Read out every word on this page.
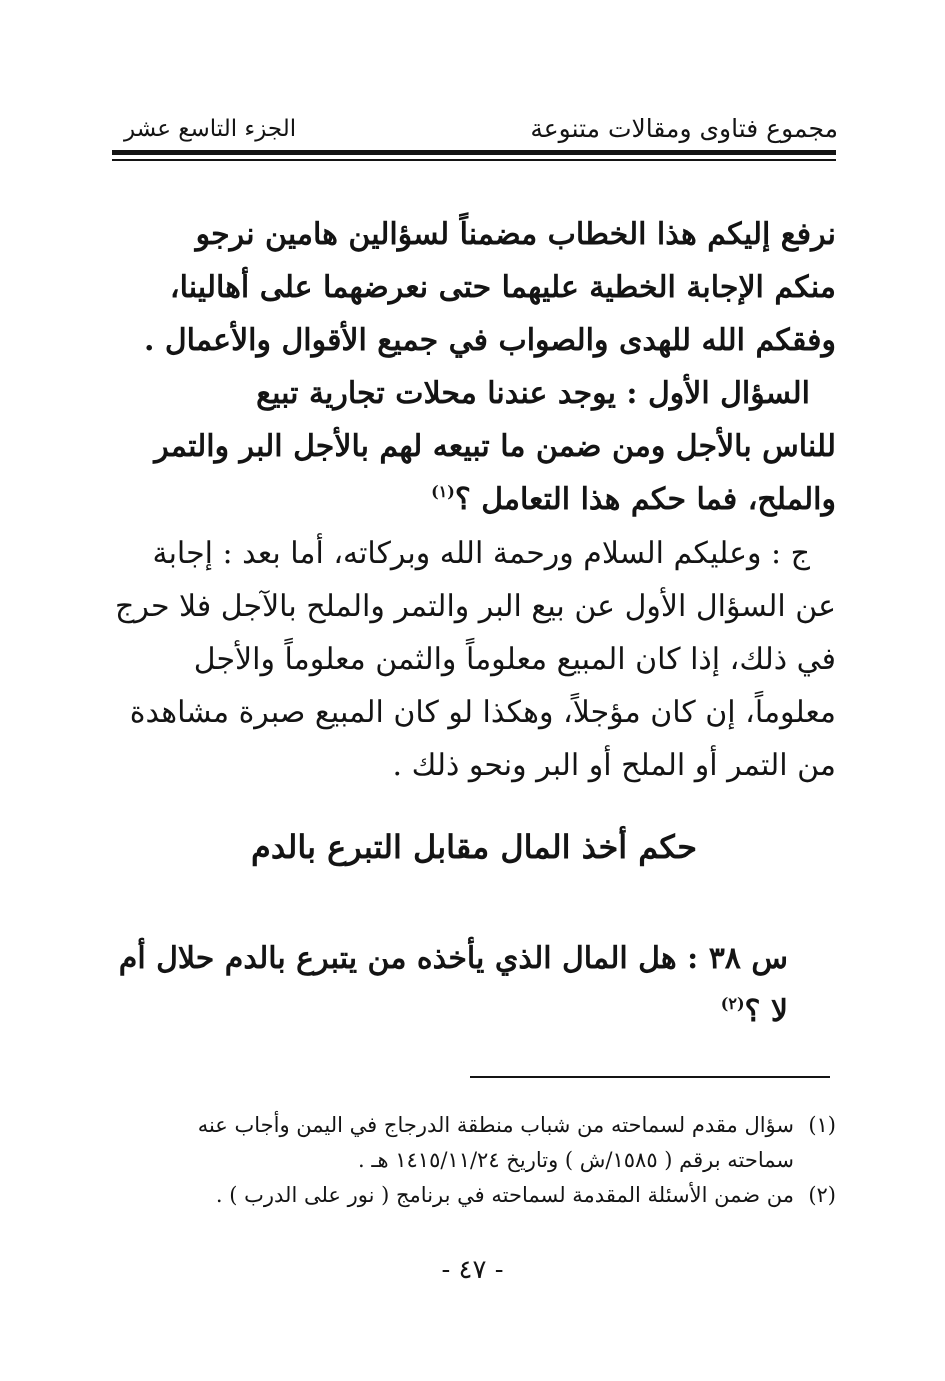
مجموع فتاوى ومقالات متنوعة
الجزء التاسع عشر
نرفع إليكم هذا الخطاب مضمناً لسؤالين هامين نرجو
منكم الإجابة الخطية عليهما حتى نعرضهما على أهالينا،
وفقكم الله للهدى والصواب في جميع الأقوال والأعمال .
السؤال الأول : يوجد عندنا محلات تجارية تبيع
للناس بالأجل ومن ضمن ما تبيعه لهم بالأجل البر والتمر
والملح، فما حكم هذا التعامل ؟$^{(١)}$
ج : وعليكم السلام ورحمة الله وبركاته، أما بعد : إجابة
عن السؤال الأول عن بيع البر والتمر والملح بالآجل فلا حرج
في ذلك، إذا كان المبيع معلوماً والثمن معلوماً والأجل
معلوماً، إن كان مؤجلاً، وهكذا لو كان المبيع صبرة مشاهدة
من التمر أو الملح أو البر ونحو ذلك .
حكم أخذ المال مقابل التبرع بالدم
س ٣٨ : هل المال الذي يأخذه من يتبرع بالدم حلال أم
لا ؟$^{(٢)}$
(١)سؤال مقدم لسماحته من شباب منطقة الدرجاج في اليمن وأجاب عنه
سماحته برقم ( ١٥٨٥/ش ) وتاريخ ١٤١٥/١١/٢٤ هـ .
(٢)من ضمن الأسئلة المقدمة لسماحته في برنامج ( نور على الدرب ) .
- ٤٧ -
